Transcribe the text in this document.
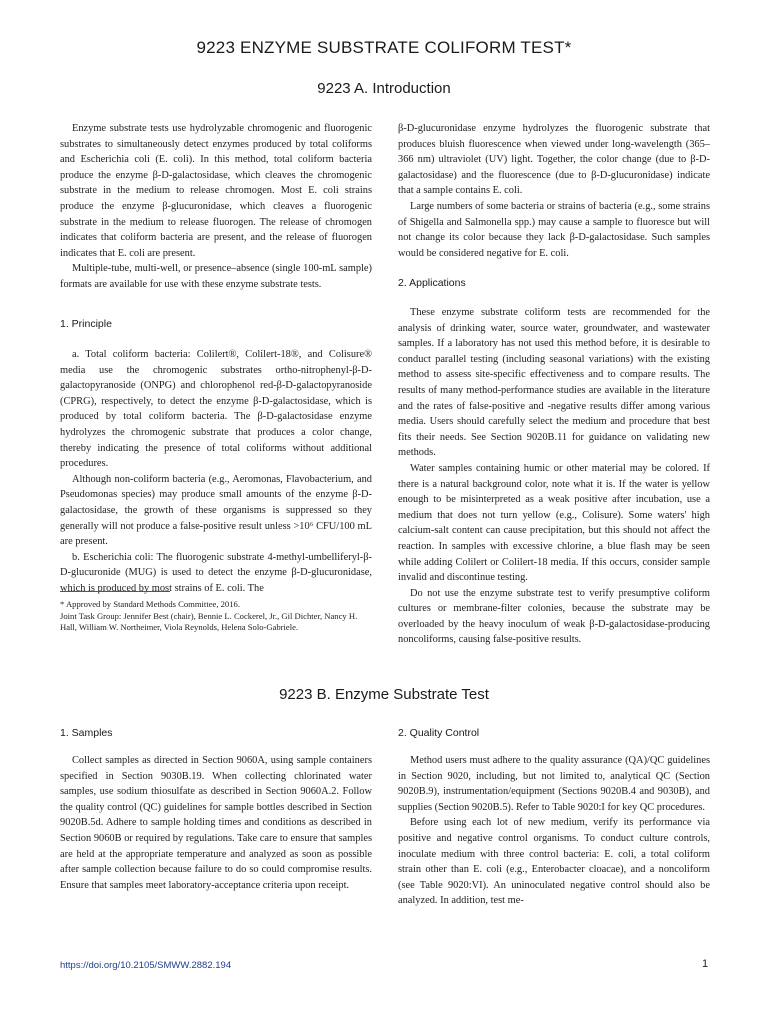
9223 ENZYME SUBSTRATE COLIFORM TEST*
9223 A. Introduction

Enzyme substrate tests use hydrolyzable chromogenic and fluorogenic substrates to simultaneously detect enzymes produced by total coliforms and Escherichia coli (E. coli). In this method, total coliform bacteria produce the enzyme β-D-galactosidase, which cleaves the chromogenic substrate in the medium to release chromogen. Most E. coli strains produce the enzyme β-glucuronidase, which cleaves a fluorogenic substrate in the medium to release fluorogen. The release of chromogen indicates that coliform bacteria are present, and the release of fluorogen indicates that E. coli are present.

Multiple-tube, multi-well, or presence–absence (single 100-mL sample) formats are available for use with these enzyme substrate tests.

1. Principle

a. Total coliform bacteria: Colilert®, Colilert-18®, and Colisure® media use the chromogenic substrates ortho-nitrophenyl-β-D-galactopyranoside (ONPG) and chlorophenol red-β-D-galactopyranoside (CPRG), respectively, to detect the enzyme β-D-galactosidase, which is produced by total coliform bacteria. The β-D-galactosidase enzyme hydrolyzes the chromogenic substrate that produces a color change, thereby indicating the presence of total coliforms without additional procedures.

Although non-coliform bacteria (e.g., Aeromonas, Flavobacterium, and Pseudomonas species) may produce small amounts of the enzyme β-D-galactosidase, the growth of these organisms is suppressed so they generally will not produce a false-positive result unless >10⁶ CFU/100 mL are present.

b. Escherichia coli: The fluorogenic substrate 4-methyl-umbelliferyl-β-D-glucuronide (MUG) is used to detect the enzyme β-D-glucuronidase, which is produced by most strains of E. coli. The

* Approved by Standard Methods Committee, 2016.

Joint Task Group: Jennifer Best (chair), Bennie L. Cockerel, Jr., Gil Dichter, Nancy H. Hall, William W. Northeimer, Viola Reynolds, Helena Solo-Gabriele.

β-D-glucuronidase enzyme hydrolyzes the fluorogenic substrate that produces bluish fluorescence when viewed under long-wavelength (365–366 nm) ultraviolet (UV) light. Together, the color change (due to β-D-galactosidase) and the fluorescence (due to β-D-glucuronidase) indicate that a sample contains E. coli.

Large numbers of some bacteria or strains of bacteria (e.g., some strains of Shigella and Salmonella spp.) may cause a sample to fluoresce but will not change its color because they lack β-D-galactosidase. Such samples would be considered negative for E. coli.

2. Applications

These enzyme substrate coliform tests are recommended for the analysis of drinking water, source water, groundwater, and wastewater samples. If a laboratory has not used this method before, it is desirable to conduct parallel testing (including seasonal variations) with the existing method to assess site-specific effectiveness and to compare results. The results of many method-performance studies are available in the literature and the rates of false-positive and -negative results differ among various media. Users should carefully select the medium and procedure that best fits their needs. See Section 9020B.11 for guidance on validating new methods.

Water samples containing humic or other material may be colored. If there is a natural background color, note what it is. If the water is yellow enough to be misinterpreted as a weak positive after incubation, use a medium that does not turn yellow (e.g., Colisure). Some waters' high calcium-salt content can cause precipitation, but this should not affect the reaction. In samples with excessive chlorine, a blue flash may be seen while adding Colilert or Colilert-18 media. If this occurs, consider sample invalid and discontinue testing.

Do not use the enzyme substrate test to verify presumptive coliform cultures or membrane-filter colonies, because the substrate may be overloaded by the heavy inoculum of weak β-D-galactosidase-producing noncoliforms, causing false-positive results.

9223 B. Enzyme Substrate Test
1. Samples

Collect samples as directed in Section 9060A, using sample containers specified in Section 9030B.19. When collecting chlorinated water samples, use sodium thiosulfate as described in Section 9060A.2. Follow the quality control (QC) guidelines for sample bottles described in Section 9020B.5d. Adhere to sample holding times and conditions as described in Section 9060B or required by regulations. Take care to ensure that samples are held at the appropriate temperature and analyzed as soon as possible after sample collection because failure to do so could compromise results. Ensure that samples meet laboratory-acceptance criteria upon receipt.

2. Quality Control

Method users must adhere to the quality assurance (QA)/QC guidelines in Section 9020, including, but not limited to, analytical QC (Section 9020B.9), instrumentation/equipment (Sections 9020B.4 and 9030B), and supplies (Section 9020B.5). Refer to Table 9020:I for key QC procedures.

Before using each lot of new medium, verify its performance via positive and negative control organisms. To conduct culture controls, inoculate medium with three control bacteria: E. coli, a total coliform strain other than E. coli (e.g., Enterobacter cloacae), and a noncoliform (see Table 9020:VI). An uninoculated negative control should also be analyzed. In addition, test me-

https://doi.org/10.2105/SMWW.2882.194	1
